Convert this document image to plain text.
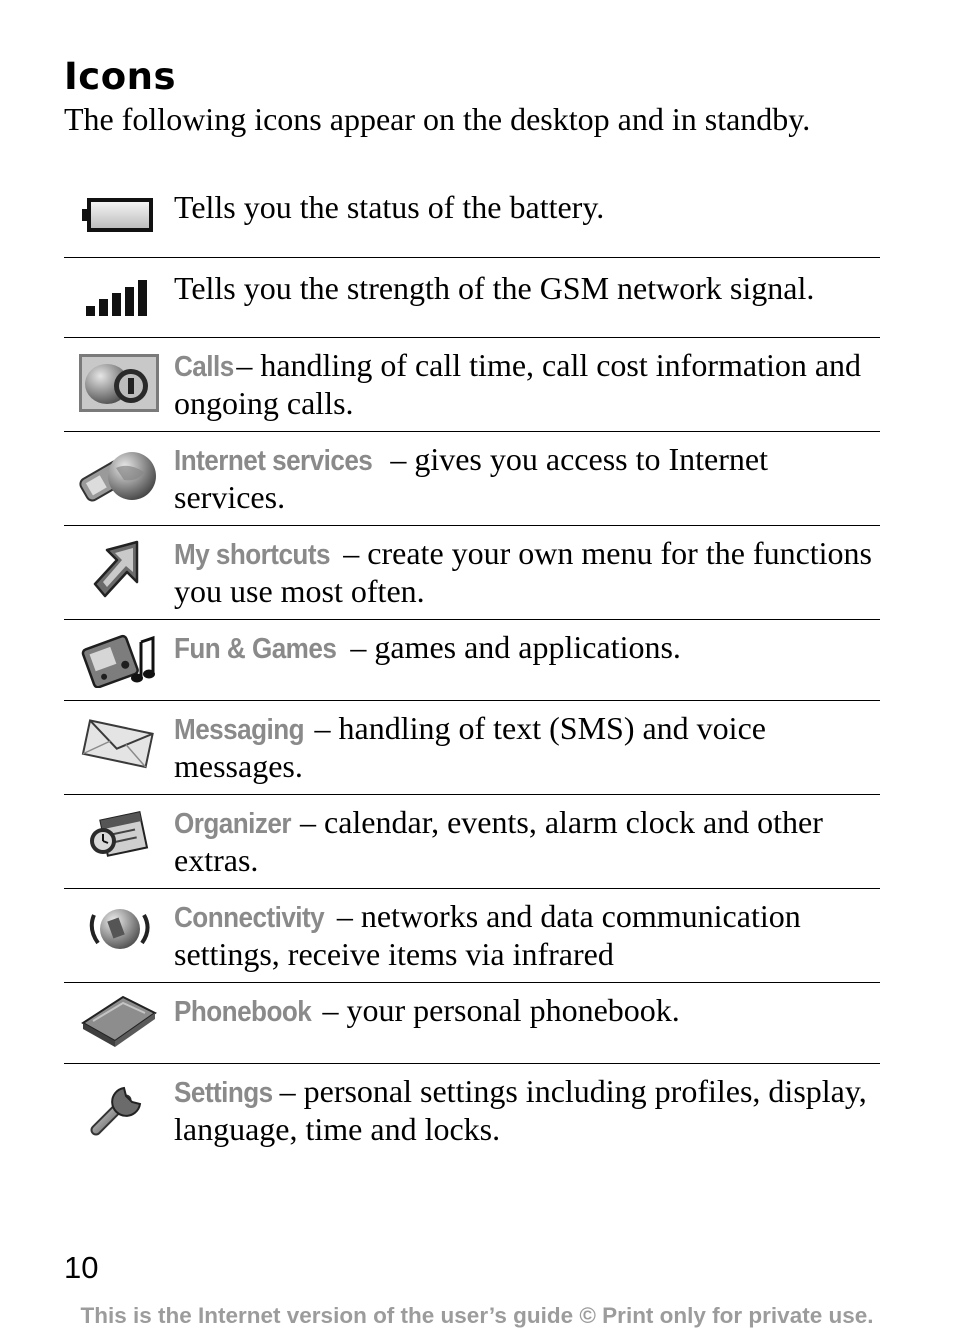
Icons

The following icons appear on the desktop and in standby.

	Tells you the status of the battery.

	Tells you the strength of the GSM network signal.

	Calls – handling of call time, call cost information and ongoing calls.

	Internet services – gives you access to Internet services.

	My shortcuts – create your own menu for the functions you use most often.

	Fun & Games – games and applications.

	Messaging – handling of text (SMS) and voice messages.

	Organizer – calendar, events, alarm clock and other extras.

	Connectivity – networks and data communication settings, receive items via infrared

	Phonebook – your personal phonebook.

	Settings – personal settings including profiles, display, language, time and locks.
10
This is the Internet version of the user’s guide © Print only for private use.
